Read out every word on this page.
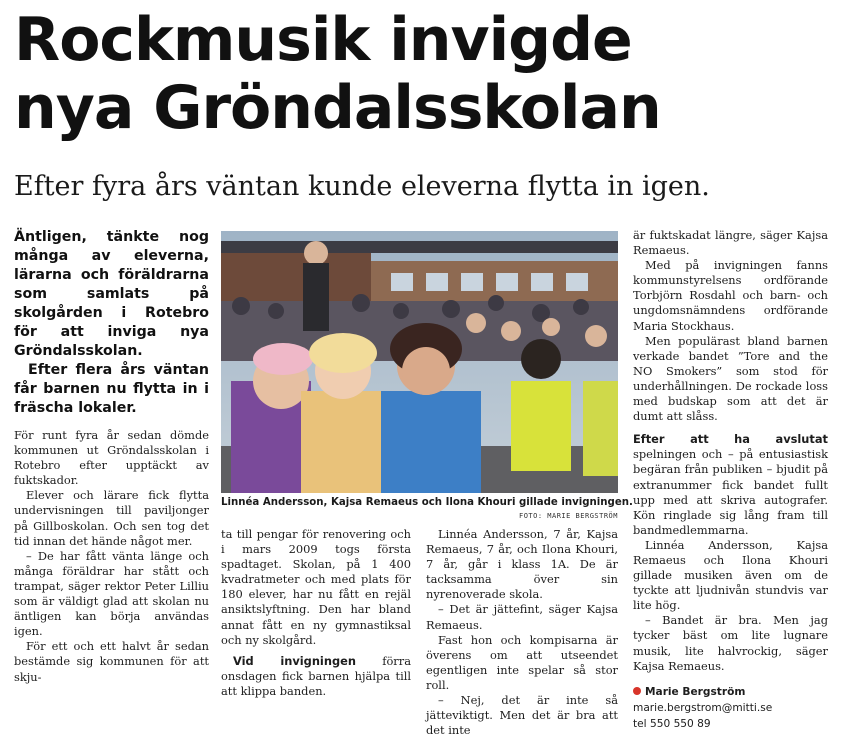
Rockmusik invigde
nya Gröndalsskolan
Efter fyra års väntan kunde eleverna flytta in igen.

Äntligen, tänkte nog många av eleverna, lärarna och föräldrarna som samlats på skolgården i Rotebro för att inviga nya Gröndalsskolan.

Efter flera års väntan får barnen nu flytta in i fräscha lokaler.

För runt fyra år sedan dömde kommunen ut Gröndalsskolan i Rotebro efter upptäckt av fuktskador.

Elever och lärare fick flytta undervisningen till paviljonger på Gillboskolan. Och sen tog det tid innan det hände något mer.

– De har fått vänta länge och många föräldrar har stått och trampat, säger rektor Peter Lilliu som är väldigt glad att skolan nu äntligen kan börja användas igen.

För ett och ett halvt år sedan bestämde sig kommunen för att skju-

Linnéa Andersson, Kajsa Remaeus och Ilona Khouri gillade invigningen.
FOTO: MARIE BERGSTRÖM

ta till pengar för renovering och i mars 2009 togs första spadtaget. Skolan, på 1 400 kvadratmeter och med plats för 180 elever, har nu fått en rejäl ansiktslyftning. Den har bland annat fått en ny gymnastiksal och ny skolgård.

Vid invigningen förra onsdagen fick barnen hjälpa till att klippa banden.

Linnéa Andersson, 7 år, Kajsa Remaeus, 7 år, och Ilona Khouri, 7 år, går i klass 1A. De är tacksamma över sin nyrenoverade skola.

– Det är jättefint, säger Kajsa Remaeus.

Fast hon och kompisarna är överens om att utseendet egentligen inte spelar så stor roll.

– Nej, det är inte så jätteviktigt. Men det är bra att det inte

är fuktskadat längre, säger Kajsa Remaeus.

Med på invigningen fanns kommunstyrelsens ordförande Torbjörn Rosdahl och barn- och ungdomsnämndens ordförande Maria Stockhaus.

Men populärast bland barnen verkade bandet ”Tore and the NO Smokers” som stod för underhållningen. De rockade loss med budskap som att det är dumt att slåss.

Efter att ha avslutat spelningen och – på entusiastisk begäran från publiken – bjudit på extranummer fick bandet fullt upp med att skriva autografer. Kön ringlade sig lång fram till bandmedlemmarna.

Linnéa Andersson, Kajsa Remaeus och Ilona Khouri gillade musiken även om de tyckte att ljudnivån stundvis var lite hög.

– Bandet är bra. Men jag tycker bäst om lite lugnare musik, lite halvrockig, säger Kajsa Remaeus.

Marie Bergström
marie.bergstrom@mitti.se
tel 550 550 89
